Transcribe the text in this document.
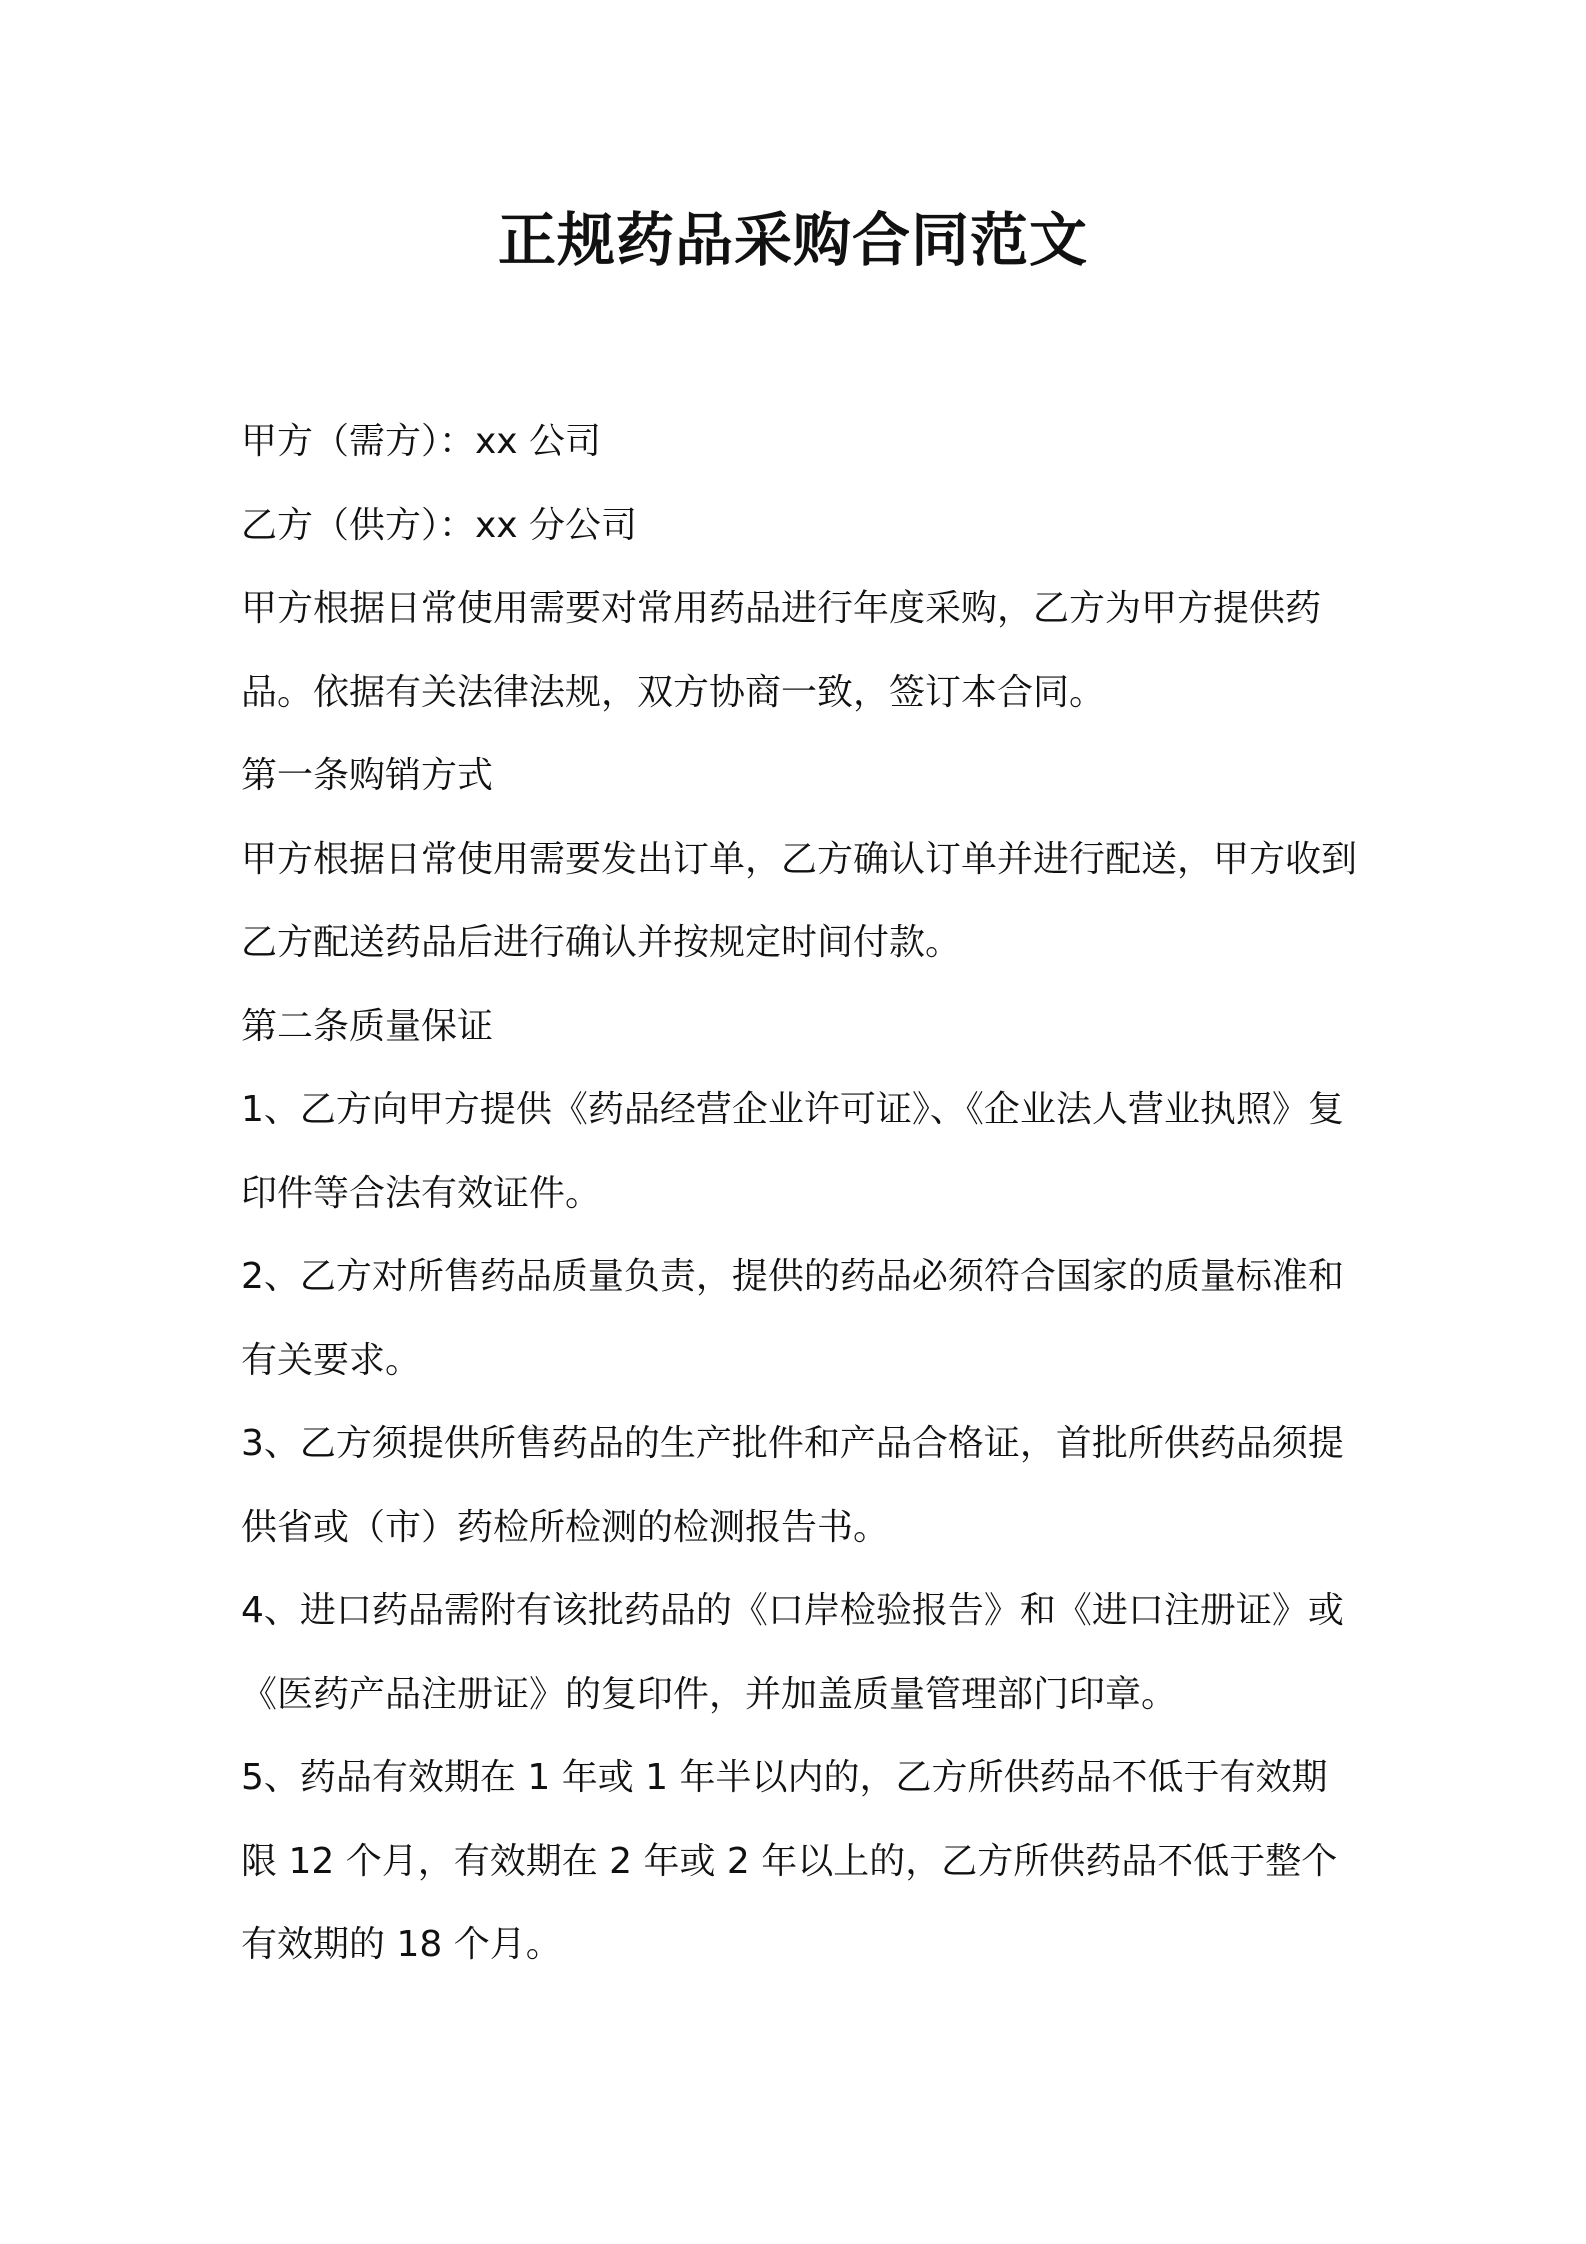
正规药品采购合同范文

甲方（需方）：xx 公司

乙方（供方）：xx 分公司

甲方根据日常使用需要对常用药品进行年度采购，乙方为甲方提供药品。依据有关法律法规，双方协商一致，签订本合同。

第一条购销方式

甲方根据日常使用需要发出订单，乙方确认订单并进行配送，甲方收到乙方配送药品后进行确认并按规定时间付款。

第二条质量保证

1、乙方向甲方提供《药品经营企业许可证》、《企业法人营业执照》复印件等合法有效证件。

2、乙方对所售药品质量负责，提供的药品必须符合国家的质量标准和有关要求。

3、乙方须提供所售药品的生产批件和产品合格证，首批所供药品须提供省或（市）药检所检测的检测报告书。

4、进口药品需附有该批药品的《口岸检验报告》和《进口注册证》或《医药产品注册证》的复印件，并加盖质量管理部门印章。

5、药品有效期在 1 年或 1 年半以内的，乙方所供药品不低于有效期限 12 个月，有效期在 2 年或 2 年以上的，乙方所供药品不低于整个有效期的 18 个月。
